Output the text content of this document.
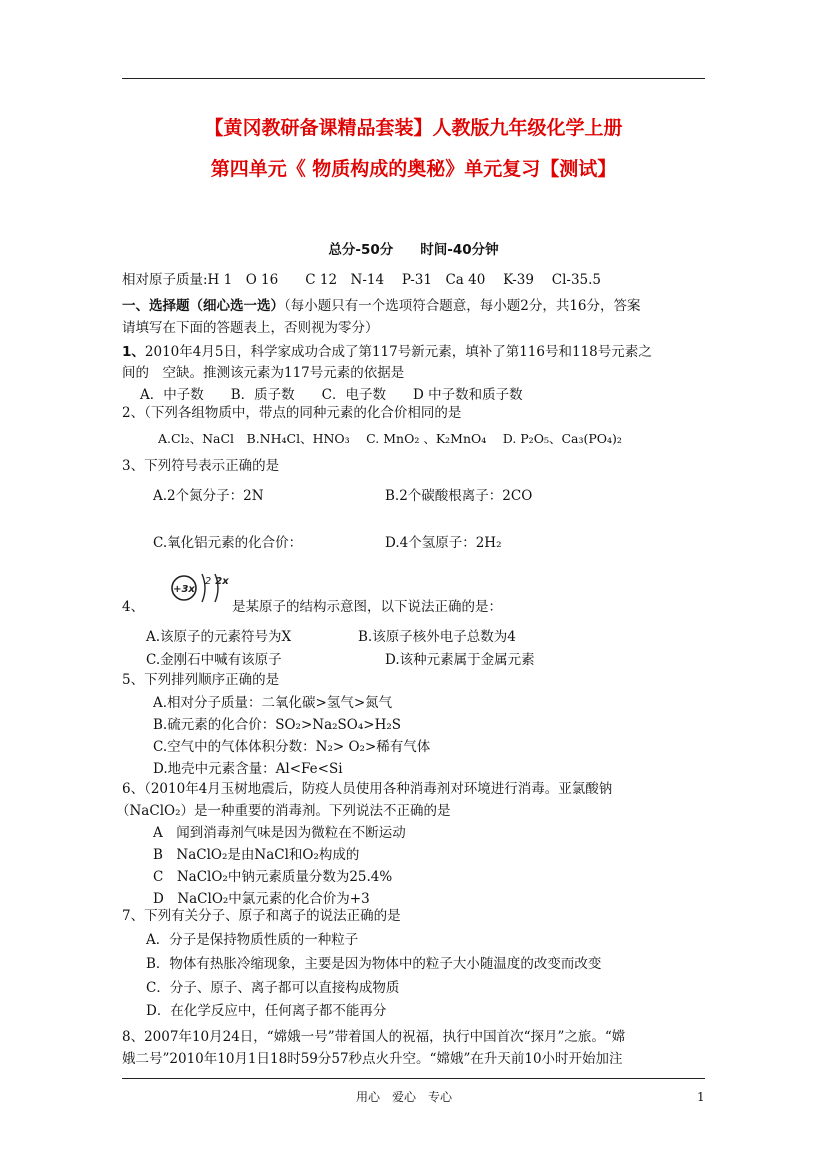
【黄冈教研备课精品套装】人教版九年级化学上册
第四单元《 物质构成的奥秘》单元复习【测试】
总分-50分　　时间-40分钟
相对原子质量:H 1　O 16　　C 12　N-14　 P-31　Ca 40　 K-39　 Cl-35.5
一、选择题（细心选一选）（每小题只有一个选项符合题意，每小题2分，共16分，答案
请填写在下面的答题表上，否则视为零分）
1、2010年4月5日，科学家成功合成了第117号新元素，填补了第116号和118号元素之
间的　空缺。推测该元素为117号元素的依据是
A．中子数　　B．质子数　　C．电子数　　D 中子数和质子数
2、（下列各组物质中，带点的同种元素的化合价相同的是
A.Cl₂、NaCl　B.NH₄Cl、HNO₃　 C. MnO₂ 、K₂MnO₄　 D. P₂O₅、Ca₃(PO₄)₂
3、下列符号表示正确的是
A.2个氮分子：2N	B.2个碳酸根离子：2CO
C.氧化铝元素的化合价：	D.4个氢原子：2H₂
4、
+3x
2 2x
是某原子的结构示意图，以下说法正确的是：
A.该原子的元素符号为X	B.该原子核外电子总数为4
C.金刚石中喊有该原子	D.该种元素属于金属元素
5、下列排列顺序正确的是
A.相对分子质量：二氧化碳>氢气>氮气
B.硫元素的化合价：SO₂>Na₂SO₄>H₂S
C.空气中的气体体积分数：N₂> O₂>稀有气体
D.地壳中元素含量：Al<Fe<Si
6、（2010年4月玉树地震后，防疫人员使用各种消毒剂对环境进行消毒。亚氯酸钠
（NaClO₂）是一种重要的消毒剂。下列说法不正确的是
A　闻到消毒剂气味是因为微粒在不断运动
B　NaClO₂是由NaCl和O₂构成的
C　NaClO₂中钠元素质量分数为25.4%
D　NaClO₂中氯元素的化合价为+3
7、下列有关分子、原子和离子的说法正确的是
A．分子是保持物质性质的一种粒子
B．物体有热胀冷缩现象，主要是因为物体中的粒子大小随温度的改变而改变
C．分子、原子、离子都可以直接构成物质
D．在化学反应中，任何离子都不能再分
8、2007年10月24日，“嫦娥一号”带着国人的祝福，执行中国首次“探月”之旅。“嫦
娥二号”2010年10月1日18时59分57秒点火升空。“嫦娥”在升天前10小时开始加注
用心　爱心　专心	1
